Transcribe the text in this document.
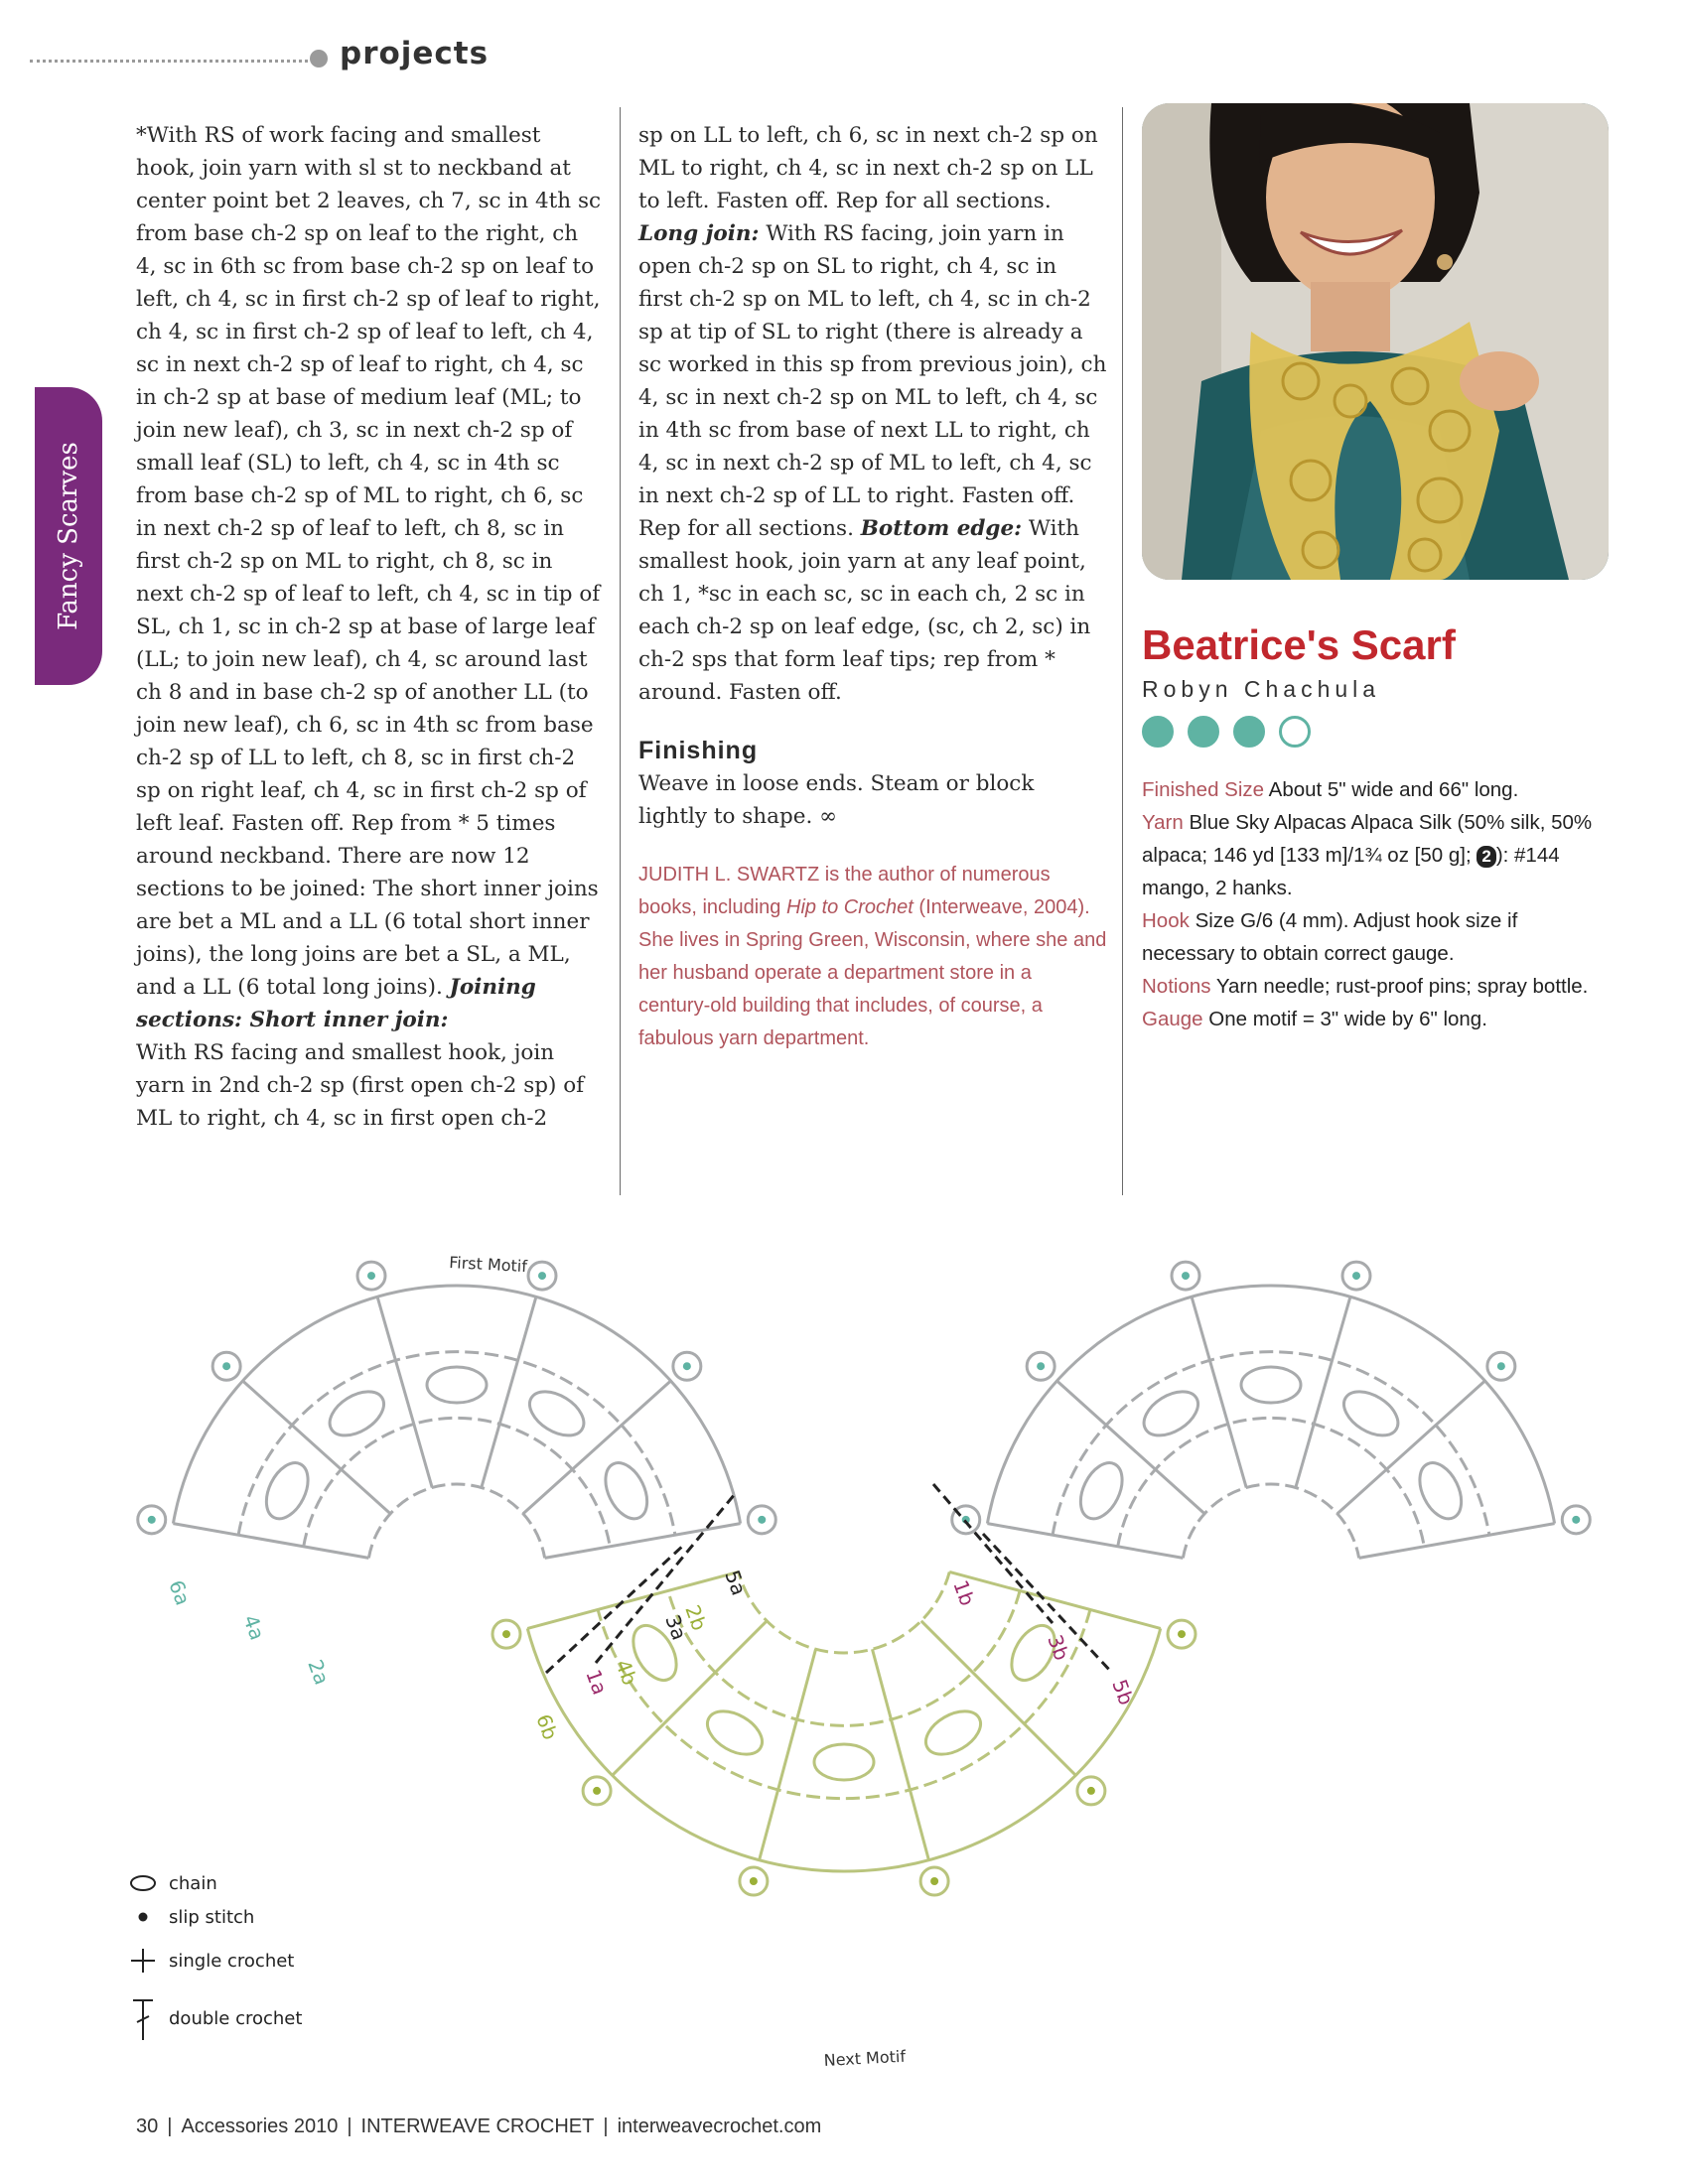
projects
Fancy Scarves

*With RS of work facing and smallest hook, join yarn with sl st to neckband at center point bet 2 leaves, ch 7, sc in 4th sc from base ch-2 sp on leaf to the right, ch 4, sc in 6th sc from base ch-2 sp on leaf to left, ch 4, sc in first ch-2 sp of leaf to right, ch 4, sc in first ch-2 sp of leaf to left, ch 4, sc in next ch-2 sp of leaf to right, ch 4, sc in ch-2 sp at base of medium leaf (ML; to join new leaf), ch 3, sc in next ch-2 sp of small leaf (SL) to left, ch 4, sc in 4th sc from base ch-2 sp of ML to right, ch 6, sc in next ch-2 sp of leaf to left, ch 8, sc in first ch-2 sp on ML to right, ch 8, sc in next ch-2 sp of leaf to left, ch 4, sc in tip of SL, ch 1, sc in ch-2 sp at base of large leaf (LL; to join new leaf), ch 4, sc around last ch 8 and in base ch-2 sp of another LL (to join new leaf), ch 6, sc in 4th sc from base ch-2 sp of LL to left, ch 8, sc in first ch-2 sp on right leaf, ch 4, sc in first ch-2 sp of left leaf. Fasten off. Rep from * 5 times around neckband. There are now 12 sections to be joined: The short inner joins are bet a ML and a LL (6 total short inner joins), the long joins are bet a SL, a ML, and a LL (6 total long joins). Joining sections: Short inner join:

With RS facing and smallest hook, join yarn in 2nd ch-2 sp (first open ch-2 sp) of ML to right, ch 4, sc in first open ch-2

sp on LL to left, ch 6, sc in next ch-2 sp on ML to right, ch 4, sc in next ch-2 sp on LL to left. Fasten off. Rep for all sections. Long join: With RS facing, join yarn in open ch-2 sp on SL to right, ch 4, sc in first ch-2 sp on ML to left, ch 4, sc in ch-2 sp at tip of SL to right (there is already a sc worked in this sp from previous join), ch 4, sc in next ch-2 sp on ML to left, ch 4, sc in 4th sc from base of next LL to right, ch 4, sc in next ch-2 sp of ML to left, ch 4, sc in next ch-2 sp of LL to right. Fasten off. Rep for all sections. Bottom edge: With smallest hook, join yarn at any leaf point, ch 1, *sc in each sc, sc in each ch, 2 sc in each ch-2 sp on leaf edge, (sc, ch 2, sc) in ch-2 sps that form leaf tips; rep from * around. Fasten off.

Finishing

Weave in loose ends. Steam or block lightly to shape. ∞

JUDITH L. SWARTZ is the author of numerous books, including Hip to Crochet (Interweave, 2004). She lives in Spring Green, Wisconsin, where she and her husband operate a department store in a century-old building that includes, of course, a fabulous yarn department.

Beatrice's Scarf
Robyn Chachula
Finished Size About 5" wide and 66" long.
Yarn Blue Sky Alpacas Alpaca Silk (50% silk, 50% alpaca; 146 yd [133 m]/1¾ oz [50 g]; 2 ): #144 mango, 2 hanks.
Hook Size G/6 (4 mm). Adjust hook size if necessary to obtain correct gauge.
Notions Yarn needle; rust-proof pins; spray bottle.
Gauge One motif = 3" wide by 6" long.
First Motif
Next Motif
6a
4a
2a	1a
3a
5a
2b
4b
6b
1b
3b
5b
chain
slip stitch
single crochet
double crochet
30 | Accessories 2010 | INTERWEAVE CROCHET | interweavecrochet.com
